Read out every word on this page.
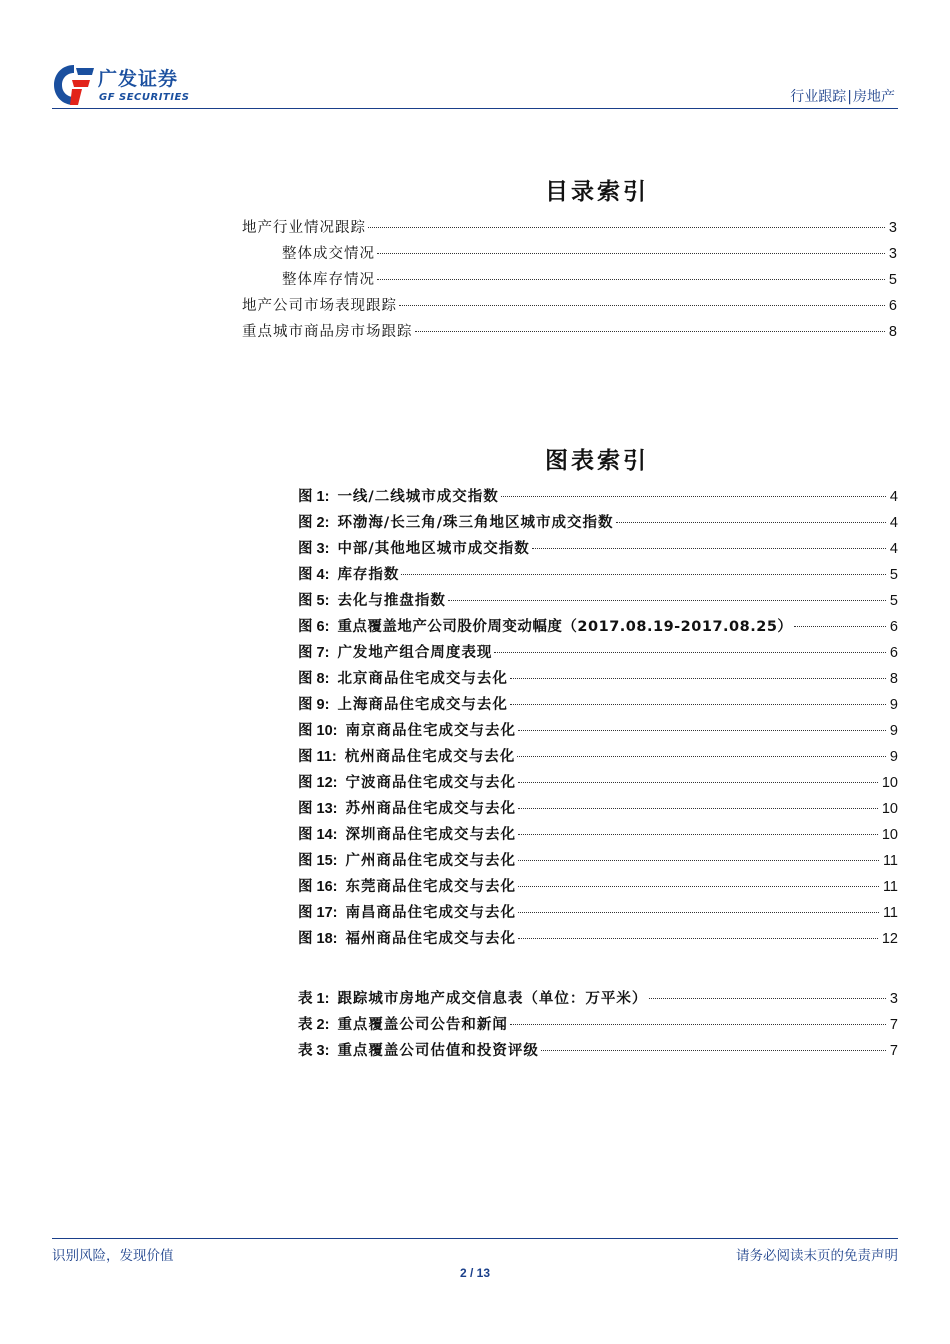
广发证券
GF SECURITIES	行业跟踪|房地产
目录索引
地产行业情况跟踪	3
整体成交情况	3
整体库存情况	5
地产公司市场表现跟踪	6
重点城市商品房市场跟踪	8
图表索引
图 1: 一线/二线城市成交指数	4
图 2: 环渤海/长三角/珠三角地区城市成交指数	4
图 3: 中部/其他地区城市成交指数	4
图 4: 库存指数	5
图 5: 去化与推盘指数	5
图 6: 重点覆盖地产公司股价周变动幅度（2017.08.19-2017.08.25）	6
图 7: 广发地产组合周度表现	6
图 8: 北京商品住宅成交与去化	8
图 9: 上海商品住宅成交与去化	9
图 10: 南京商品住宅成交与去化	9
图 11: 杭州商品住宅成交与去化	9
图 12: 宁波商品住宅成交与去化	10
图 13: 苏州商品住宅成交与去化	10
图 14: 深圳商品住宅成交与去化	10
图 15: 广州商品住宅成交与去化	11
图 16: 东莞商品住宅成交与去化	11
图 17: 南昌商品住宅成交与去化	11
图 18: 福州商品住宅成交与去化	12
表 1: 跟踪城市房地产成交信息表（单位：万平米）	3
表 2: 重点覆盖公司公告和新闻	7
表 3: 重点覆盖公司估值和投资评级	7
识别风险，发现价值	请务必阅读末页的免责声明
2 / 13
